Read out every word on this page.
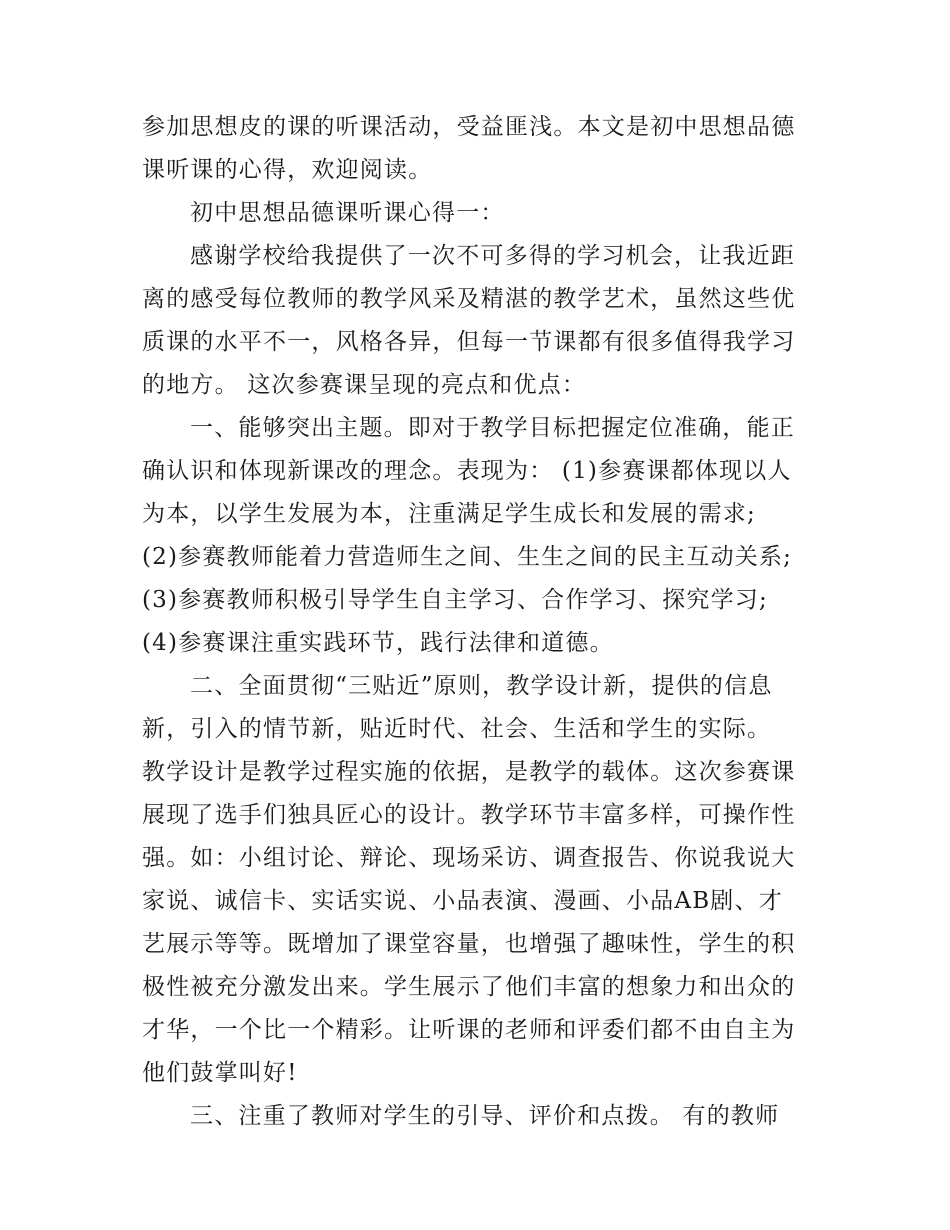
参加思想皮的课的听课活动，受益匪浅。本文是初中思想品德
课听课的心得，欢迎阅读。
初中思想品德课听课心得一：
感谢学校给我提供了一次不可多得的学习机会，让我近距
离的感受每位教师的教学风采及精湛的教学艺术，虽然这些优
质课的水平不一，风格各异，但每一节课都有很多值得我学习
的地方。 这次参赛课呈现的亮点和优点：
一、能够突出主题。即对于教学目标把握定位准确，能正
确认识和体现新课改的理念。表现为： (1)参赛课都体现以人
为本，以学生发展为本，注重满足学生成长和发展的需求;
(2)参赛教师能着力营造师生之间、生生之间的民主互动关系;
(3)参赛教师积极引导学生自主学习、合作学习、探究学习;
(4)参赛课注重实践环节，践行法律和道德。
二、全面贯彻“三贴近”原则，教学设计新，提供的信息
新，引入的情节新，贴近时代、社会、生活和学生的实际。
教学设计是教学过程实施的依据，是教学的载体。这次参赛课
展现了选手们独具匠心的设计。教学环节丰富多样，可操作性
强。如：小组讨论、辩论、现场采访、调查报告、你说我说大
家说、诚信卡、实话实说、小品表演、漫画、小品AB剧、才
艺展示等等。既增加了课堂容量，也增强了趣味性，学生的积
极性被充分激发出来。学生展示了他们丰富的想象力和出众的
才华，一个比一个精彩。让听课的老师和评委们都不由自主为
他们鼓掌叫好!
三、注重了教师对学生的引导、评价和点拨。 有的教师
